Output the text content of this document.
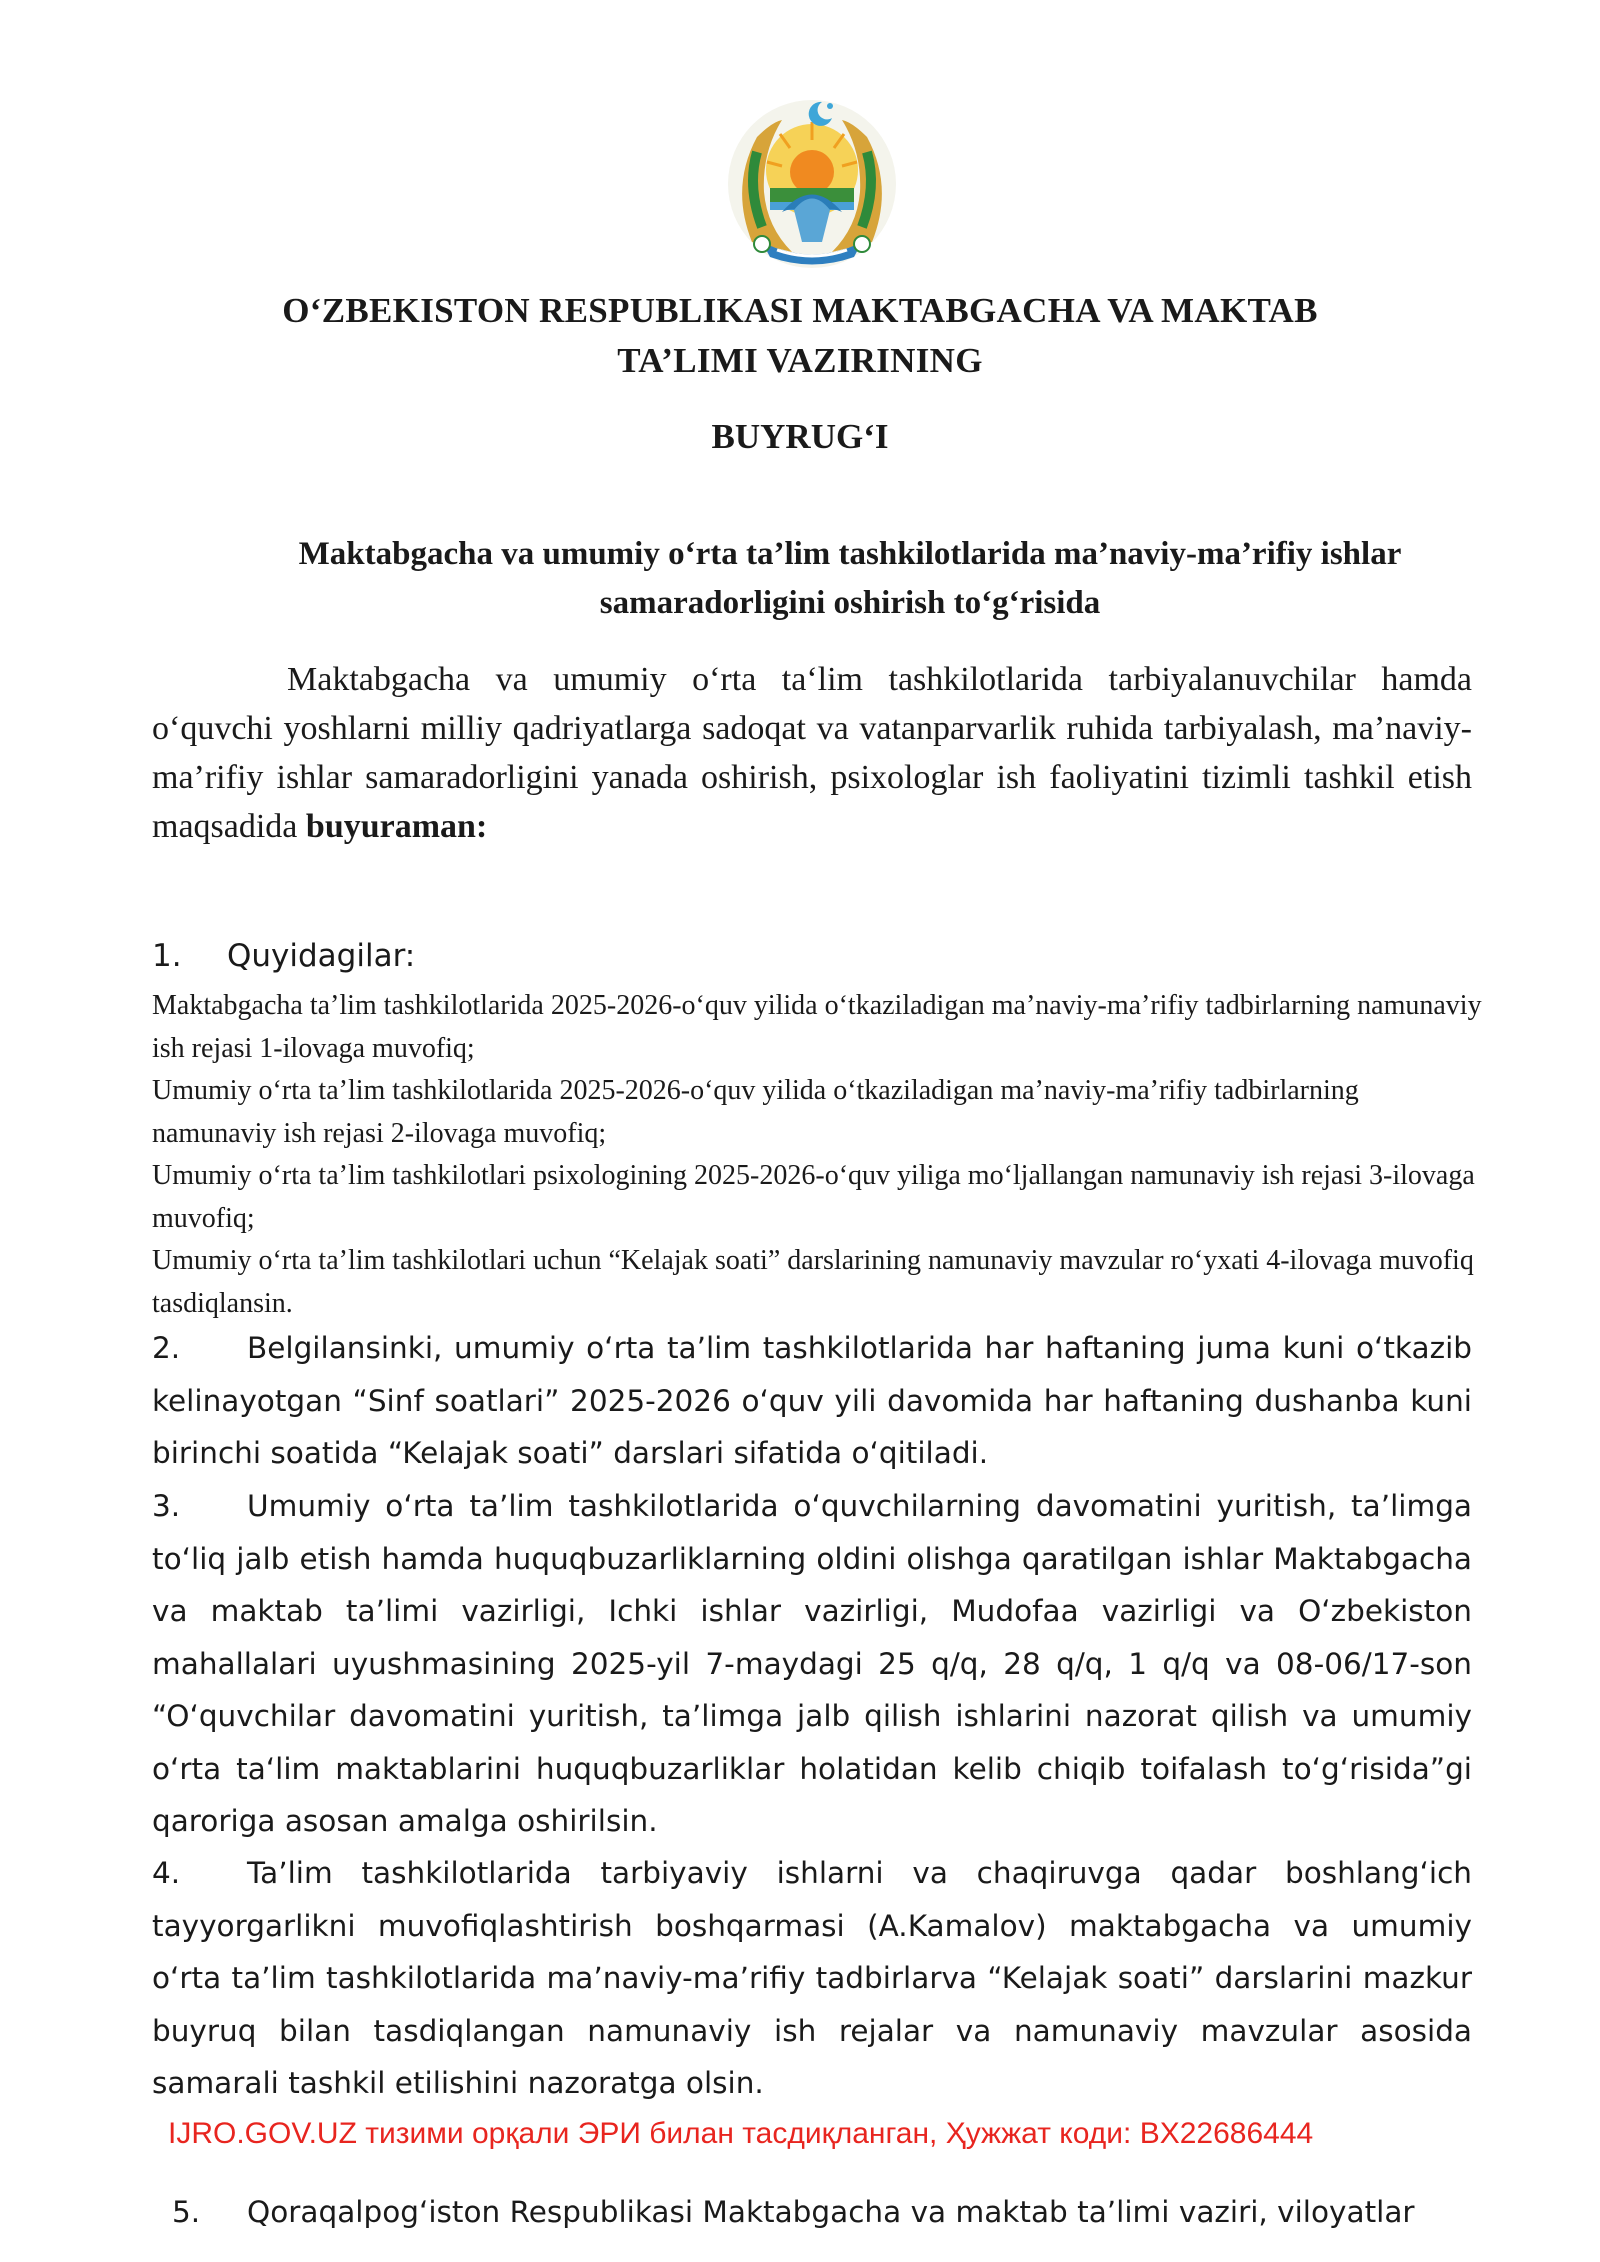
O‘ZBEKISTON RESPUBLIKASI MAKTABGACHA VA MAKTAB
TA’LIMI VAZIRINING
BUYRUG‘I
Maktabgacha va umumiy o‘rta ta’lim tashkilotlarida ma’naviy-ma’rifiy ishlar
samaradorligini oshirish to‘g‘risida
Maktabgacha va umumiy o‘rta ta‘lim tashkilotlarida tarbiyalanuvchilar hamda o‘quvchi yoshlarni milliy qadriyatlarga sadoqat va vatanparvarlik ruhida tarbiyalash, ma’naviy-ma’rifiy ishlar samaradorligini yanada oshirish, psixologlar ish faoliyatini tizimli tashkil etish maqsadida buyuraman:
1. Quyidagilar:

Maktabgacha ta’lim tashkilotlarida 2025-2026-o‘quv yilida o‘tkaziladigan ma’naviy-ma’rifiy tadbirlarning namunaviy ish rejasi 1-ilovaga muvofiq;

Umumiy o‘rta ta’lim tashkilotlarida 2025-2026-o‘quv yilida o‘tkaziladigan ma’naviy-ma’rifiy tadbirlarning namunaviy ish rejasi 2-ilovaga muvofiq;

Umumiy o‘rta ta’lim tashkilotlari psixologining 2025-2026-o‘quv yiliga mo‘ljallangan namunaviy ish rejasi 3-ilovaga muvofiq;

Umumiy o‘rta ta’lim tashkilotlari uchun “Kelajak soati” darslarining namunaviy mavzular ro‘yxati 4-ilovaga muvofiq tasdiqlansin.

2. Belgilansinki, umumiy o‘rta ta’lim tashkilotlarida har haftaning juma kuni o‘tkazib kelinayotgan “Sinf soatlari” 2025-2026 o‘quv yili davomida har haftaning dushanba kuni birinchi soatida “Kelajak soati” darslari sifatida o‘qitiladi.
3. Umumiy o‘rta ta’lim tashkilotlarida o‘quvchilarning davomatini yuritish, ta’limga to‘liq jalb etish hamda huquqbuzarliklarning oldini olishga qaratilgan ishlar Maktabgacha va maktab ta’limi vazirligi, Ichki ishlar vazirligi, Mudofaa vazirligi va O‘zbekiston mahallalari uyushmasining 2025-yil 7-maydagi 25 q/q, 28 q/q, 1 q/q va 08-06/17-son “O‘quvchilar davomatini yuritish, ta’limga jalb qilish ishlarini nazorat qilish va umumiy o‘rta ta‘lim maktablarini huquqbuzarliklar holatidan kelib chiqib toifalash to‘g‘risida”gi qaroriga asosan amalga oshirilsin.
4. Ta’lim tashkilotlarida tarbiyaviy ishlarni va chaqiruvga qadar boshlang‘ich tayyorgarlikni muvofiqlashtirish boshqarmasi (A.Kamalov) maktabgacha va umumiy o‘rta ta’lim tashkilotlarida ma’naviy-ma’rifiy tadbirlarva “Kelajak soati” darslarini mazkur buyruq bilan tasdiqlangan namunaviy ish rejalar va namunaviy mavzular asosida samarali tashkil etilishini nazoratga olsin.
IJRO.GOV.UZ тизими орқали ЭРИ билан тасдиқланган, Ҳужжат коди: BX22686444
5. Qoraqalpog‘iston Respublikasi Maktabgacha va maktab ta’limi vaziri, viloyatlar
